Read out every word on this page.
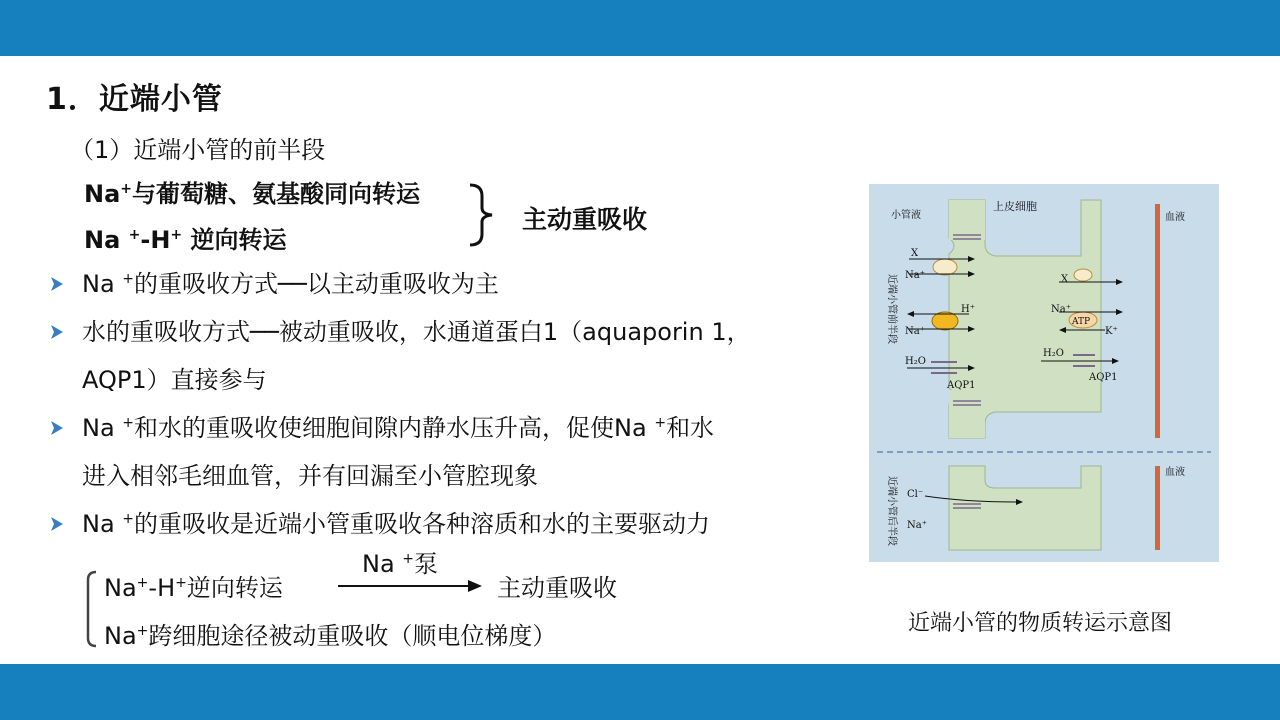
1．近端小管
（1）近端小管的前半段
Na+与葡萄糖、氨基酸同向转运
Na +-H+ 逆向转运
主动重吸收
Na +的重吸收方式──以主动重吸收为主
水的重吸收方式──被动重吸收，水通道蛋白1（aquaporin 1，
AQP1）直接参与
Na +和水的重吸收使细胞间隙内静水压升高，促使Na +和水
进入相邻毛细血管，并有回漏至小管腔现象
Na +的重吸收是近端小管重吸收各种溶质和水的主要驱动力
Na+-H+逆向转运
Na +泵
主动重吸收
Na+跨细胞途径被动重吸收（顺电位梯度）
小管液
上皮细胞
血液
血液
近端小管前半段
近端小管后半段
X
Na⁺
H⁺
Na⁺
H₂O
AQP1
X
Na⁺
ATP
K⁺
H₂O
AQP1
Cl⁻
Na⁺
近端小管的物质转运示意图
